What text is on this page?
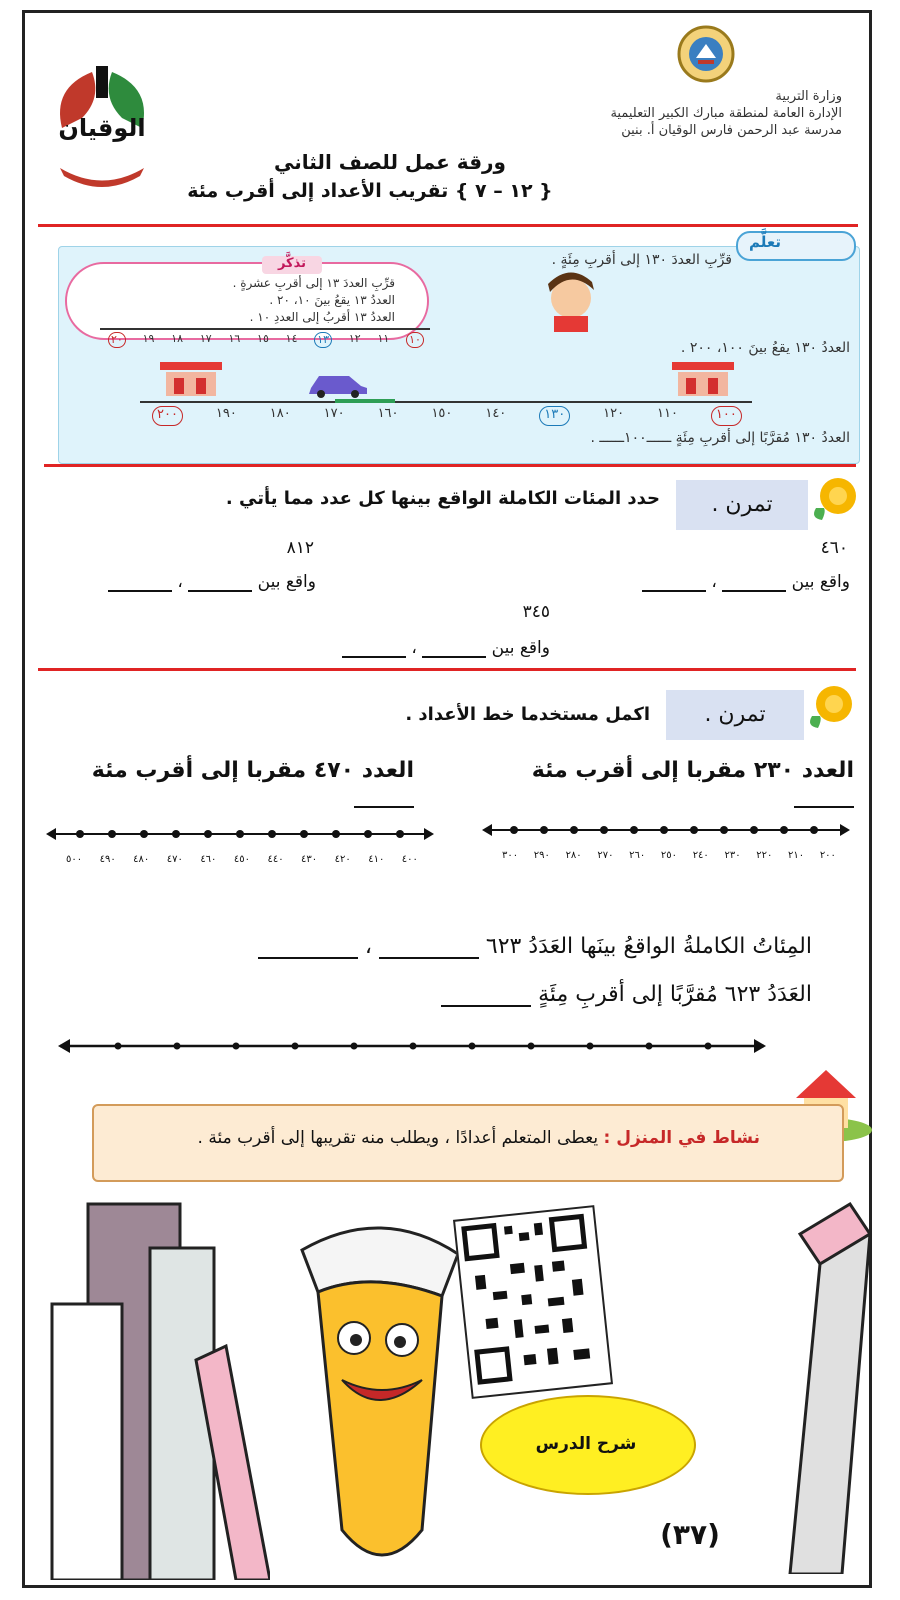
الوقيان
وزارة التربية
الإدارة العامة لمنطقة مبارك الكبير التعليمية
مدرسة عبد الرحمن فارس الوقيان أ. بنين
ورقة عمل للصف الثاني
{ ١٢ – ٧ } تقريب الأعداد إلى أقرب مئة
تعلَّم
قرِّبِ العددَ ١٣٠ إلى أقربِ مِئَةٍ .
تذكَّر
قرِّبِ العددَ ١٣ إلى أقربِ عشرةٍ .
العددُ ١٣ يقعُ بينَ ١٠، ٢٠ .
العددُ ١٣ أقربُ إلى العددِ ١٠ .
١٠
١١
١٢
١٣
١٤
١٥
١٦
١٧
١٨
١٩
٢٠
العددُ ١٣٠ يقعُ بينَ ١٠٠، ٢٠٠ .
١٠٠
١١٠
١٢٠
١٣٠
١٤٠
١٥٠
١٦٠
١٧٠
١٨٠
١٩٠
٢٠٠
العددُ ١٣٠ مُقرَّبًا إلى أقربِ مِئَةٍ ــــــ١٠٠ــــــ .
تمرن .
حدد المئات الكاملة الواقع بينها كل عدد مما يأتي .
٤٦٠
٨١٢
٣٤٥
واقع بين  ،
واقع بين  ،
واقع بين  ،
تمرن .
اكمل مستخدما خط الأعداد .
العدد ٢٣٠ مقربا إلى أقرب مئة
العدد ٤٧٠ مقربا إلى أقرب مئة
٢٠٠
٢١٠
٢٢٠
٢٣٠
٢٤٠
٢٥٠
٢٦٠
٢٧٠
٢٨٠
٢٩٠
٣٠٠
٤٠٠
٤١٠
٤٢٠
٤٣٠
٤٤٠
٤٥٠
٤٦٠
٤٧٠
٤٨٠
٤٩٠
٥٠٠
المِئاتُ الكاملةُ الواقعُ بينَها العَدَدُ ٦٢٣  ،
العَدَدُ ٦٢٣ مُقرَّبًا إلى أقربِ مِئَةٍ
نشاط في المنزل : يعطى المتعلم أعدادًا ، ويطلب منه تقريبها إلى أقرب مئة .
شرح الدرس
(٣٧)
